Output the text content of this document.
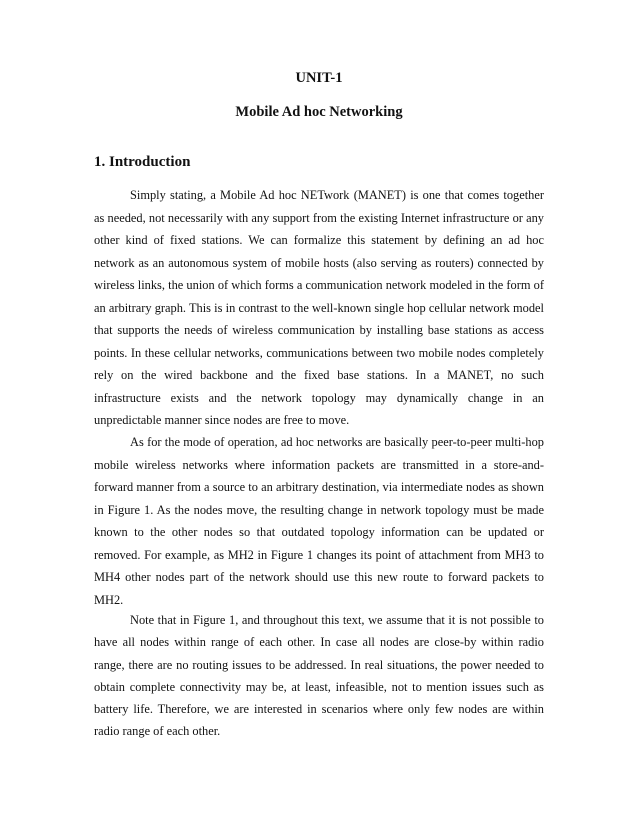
UNIT-1
Mobile Ad hoc Networking
1. Introduction

Simply stating, a Mobile Ad hoc NETwork (MANET) is one that comes together as needed, not necessarily with any support from the existing Internet infrastructure or any other kind of fixed stations. We can formalize this statement by defining an ad hoc network as an autonomous system of mobile hosts (also serving as routers) connected by wireless links, the union of which forms a communication network modeled in the form of an arbitrary graph. This is in contrast to the well-known single hop cellular network model that supports the needs of wireless communication by installing base stations as access points. In these cellular networks, communications between two mobile nodes completely rely on the wired backbone and the fixed base stations. In a MANET, no such infrastructure exists and the network topology may dynamically change in an unpredictable manner since nodes are free to move.

As for the mode of operation, ad hoc networks are basically peer-to-peer multi-hop mobile wireless networks where information packets are transmitted in a store-and-forward manner from a source to an arbitrary destination, via intermediate nodes as shown in Figure 1. As the nodes move, the resulting change in network topology must be made known to the other nodes so that outdated topology information can be updated or removed. For example, as MH2 in Figure 1 changes its point of attachment from MH3 to MH4 other nodes part of the network should use this new route to forward packets to MH2.

Note that in Figure 1, and throughout this text, we assume that it is not possible to have all nodes within range of each other. In case all nodes are close-by within radio range, there are no routing issues to be addressed. In real situations, the power needed to obtain complete connectivity may be, at least, infeasible, not to mention issues such as battery life. Therefore, we are interested in scenarios where only few nodes are within radio range of each other.
